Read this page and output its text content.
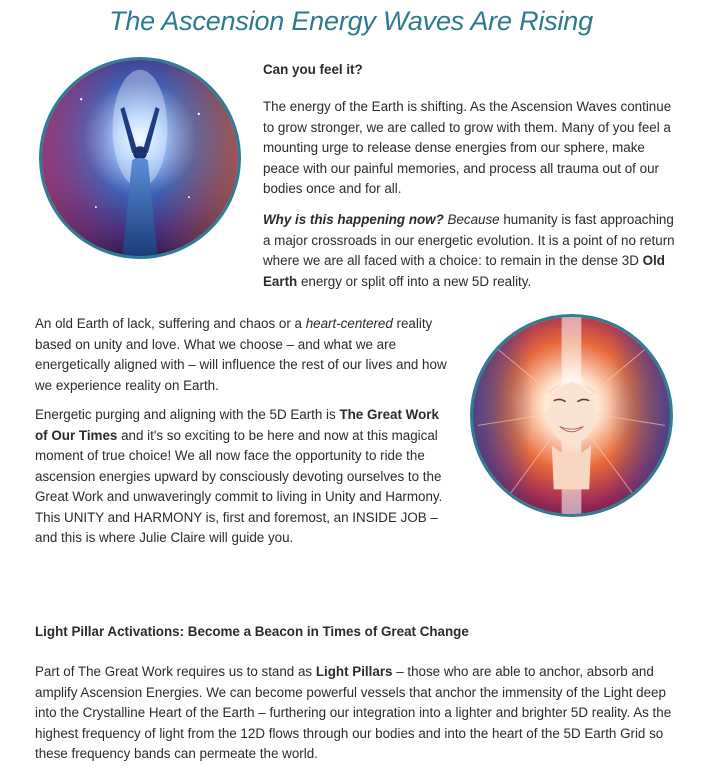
The Ascension Energy Waves Are Rising

Can you feel it?

The energy of the Earth is shifting. As the Ascension Waves continue to grow stronger, we are called to grow with them. Many of you feel a mounting urge to release dense energies from our sphere, make peace with our painful memories, and process all trauma out of our bodies once and for all.

Why is this happening now? Because humanity is fast approaching a major crossroads in our energetic evolution. It is a point of no return where we are all faced with a choice: to remain in the dense 3D Old Earth energy or split off into a new 5D reality.

An old Earth of lack, suffering and chaos or a heart-centered reality based on unity and love. What we choose – and what we are energetically aligned with – will influence the rest of our lives and how we experience reality on Earth.

Energetic purging and aligning with the 5D Earth is The Great Work of Our Times and it's so exciting to be here and now at this magical moment of true choice! We all now face the opportunity to ride the ascension energies upward by consciously devoting ourselves to the Great Work and unwaveringly commit to living in Unity and Harmony. This UNITY and HARMONY is, first and foremost, an INSIDE JOB – and this is where Julie Claire will guide you.

Light Pillar Activations: Become a Beacon in Times of Great Change

Part of The Great Work requires us to stand as Light Pillars – those who are able to anchor, absorb and amplify Ascension Energies. We can become powerful vessels that anchor the immensity of the Light deep into the Crystalline Heart of the Earth – furthering our integration into a lighter and brighter 5D reality. As the highest frequency of light from the 12D flows through our bodies and into the heart of the 5D Earth Grid so these frequency bands can permeate the world.
